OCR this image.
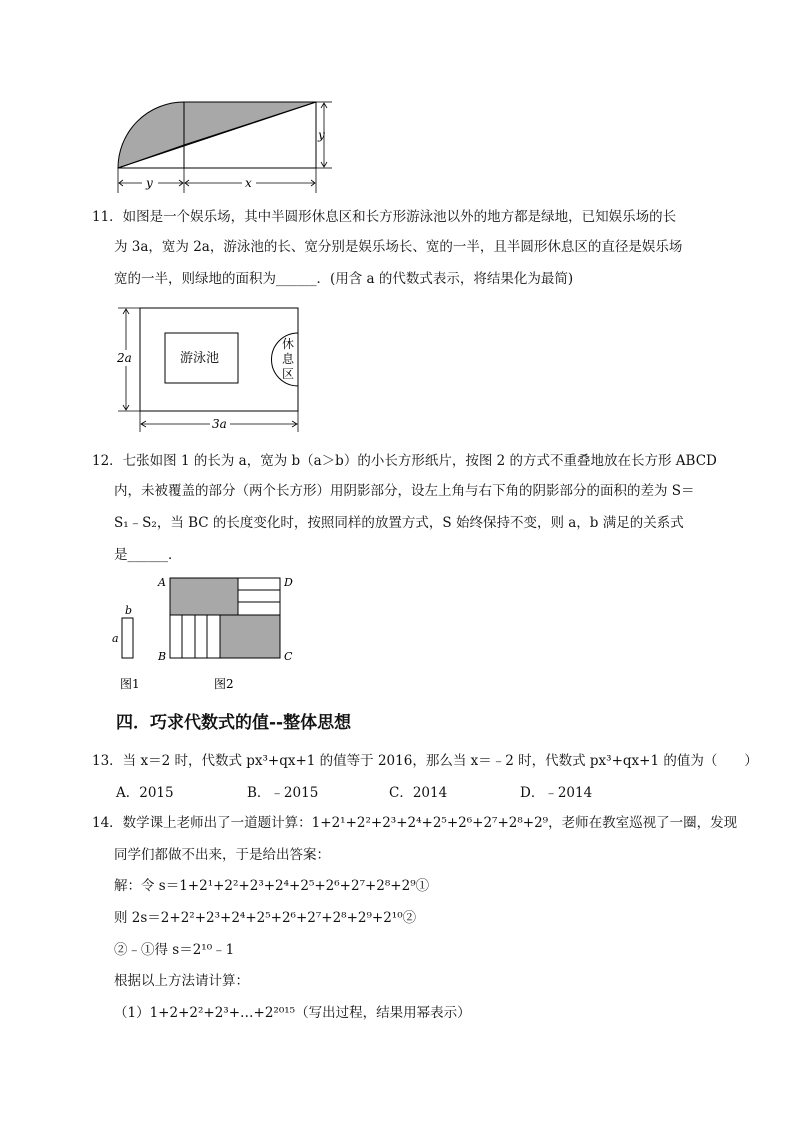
y
y	x
11．如图是一个娱乐场，其中半圆形休息区和长方形游泳池以外的地方都是绿地，已知娱乐场的长
为 3a，宽为 2a，游泳池的长、宽分别是娱乐场长、宽的一半，且半圆形休息区的直径是娱乐场
宽的一半，则绿地的面积为______．(用含 a 的代数式表示，将结果化为最简)
2a
3a
游泳池
休
息
区
12．七张如图 1 的长为 a，宽为 b（a＞b）的小长方形纸片，按图 2 的方式不重叠地放在长方形 ABCD
内，未被覆盖的部分（两个长方形）用阴影部分，设左上角与右下角的阴影部分的面积的差为 S＝
S₁﹣S₂，当 BC 的长度变化时，按照同样的放置方式，S 始终保持不变，则 a，b 满足的关系式
是______．
b
a
图1
A	D
B	C
图2
四．巧求代数式的值--整体思想
13．当 x＝2 时，代数式 px³+qx+1 的值等于 2016，那么当 x＝﹣2 时，代数式 px³+qx+1 的值为（　　）
A．2015	B．﹣2015	C．2014	D．﹣2014
14．数学课上老师出了一道题计算：1+2¹+2²+2³+2⁴+2⁵+2⁶+2⁷+2⁸+2⁹，老师在教室巡视了一圈，发现
同学们都做不出来，于是给出答案：
解：令 s＝1+2¹+2²+2³+2⁴+2⁵+2⁶+2⁷+2⁸+2⁹①
则 2s＝2+2²+2³+2⁴+2⁵+2⁶+2⁷+2⁸+2⁹+2¹⁰②
②﹣①得 s＝2¹⁰﹣1
根据以上方法请计算：
（1）1+2+2²+2³+…+2²⁰¹⁵（写出过程，结果用幂表示）
